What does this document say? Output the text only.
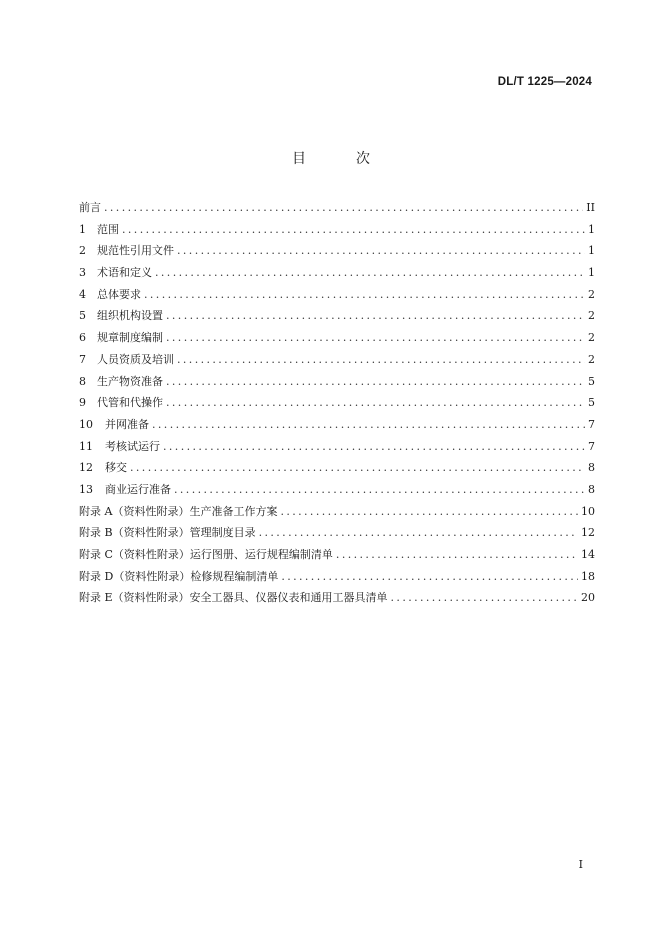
DL/T 1225—2024
目　次
前言 .....	II
1	范围 .....	1
2	规范性引用文件 .....	1
3	术语和定义 .....	1
4	总体要求 .....	2
5	组织机构设置 .....	2
6	规章制度编制 .....	2
7	人员资质及培训 .....	2
8	生产物资准备 .....	5
9	代管和代操作 .....	5
10	并网准备 .....	7
11	考核试运行 .....	7
12	移交 .....	8
13	商业运行准备 .....	8
附录 A（资料性附录） 生产准备工作方案 .....	10
附录 B（资料性附录） 管理制度目录 .....	12
附录 C（资料性附录） 运行图册、运行规程编制清单 .....	14
附录 D（资料性附录） 检修规程编制清单 .....	18
附录 E（资料性附录） 安全工器具、仪器仪表和通用工器具清单 .....	20
I
